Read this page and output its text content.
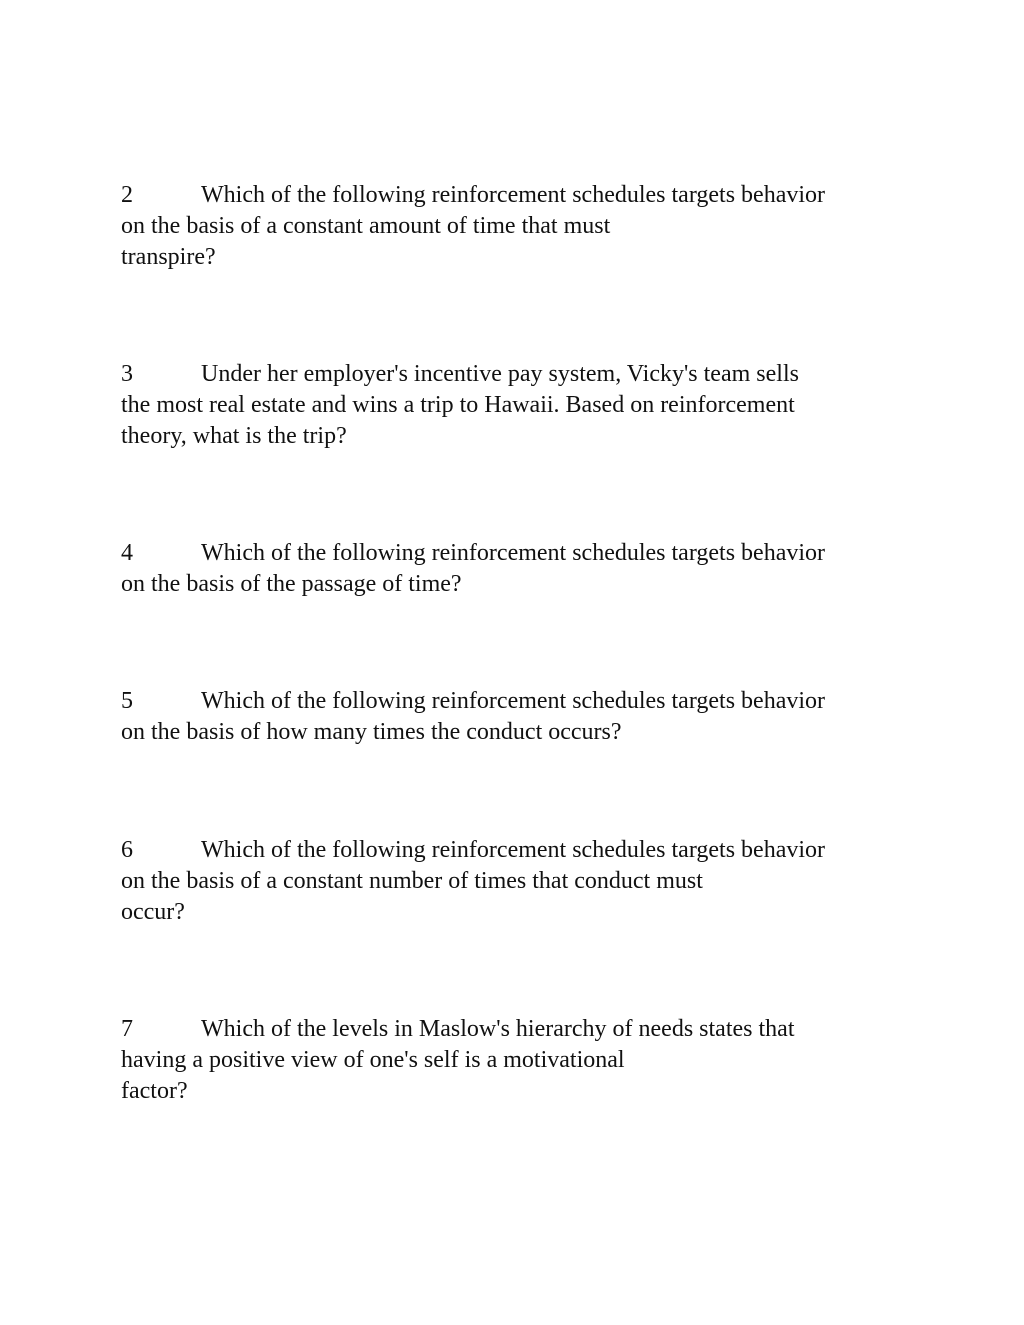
2	Which of the following reinforcement schedules targets behavior
on the basis of a constant amount of time that must
transpire?
3	Under her employer's incentive pay system, Vicky's team sells
the most real estate and wins a trip to Hawaii. Based on reinforcement
theory, what is the trip?
4	Which of the following reinforcement schedules targets behavior
on the basis of the passage of time?
5	Which of the following reinforcement schedules targets behavior
on the basis of how many times the conduct occurs?
6	Which of the following reinforcement schedules targets behavior
on the basis of a constant number of times that conduct must
occur?
7	Which of the levels in Maslow's hierarchy of needs states that
having a positive view of one's self is a motivational
factor?
